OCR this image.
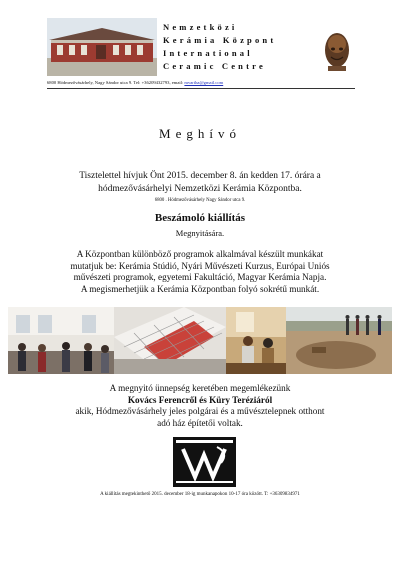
Nemzetközi
Kerámia Központ
International
Ceramic Centre
6800 Hódmezővásárhely, Nagy Sándor utca 9. Tel: +36209432793, email: mvartha@gmail.com
Meghívó
Tisztelettel hívjuk Önt 2015. december 8. án kedden 17. órára a
hódmezővásárhelyi Nemzetközi Kerámia Központba.
6800 . Hódmezővásárhely Nagy Sándor utca 9.
Beszámoló kiállítás
Megnyitására.
A Központban különböző programok alkalmával készült munkákat
mutatjuk be: Kerámia Stúdió, Nyári Művészeti Kurzus, Európai Uniós
művészeti programok, egyetemi Fakultáció, Magyar Kerámia Napja.
A megismerhetjük a Kerámia Központban folyó sokrétű munkát.
A megnyitó ünnepség keretében megemlékezünk
Kovács Ferencről és Küry Teréziáról
akik, Hódmezővásárhely jeles polgárai és a művésztelepnek otthont
adó ház építetői voltak.
A kiállítás megtekinthető 2015. december 18-ig munkanapokon 10-17 óra között. T: +36309834971
